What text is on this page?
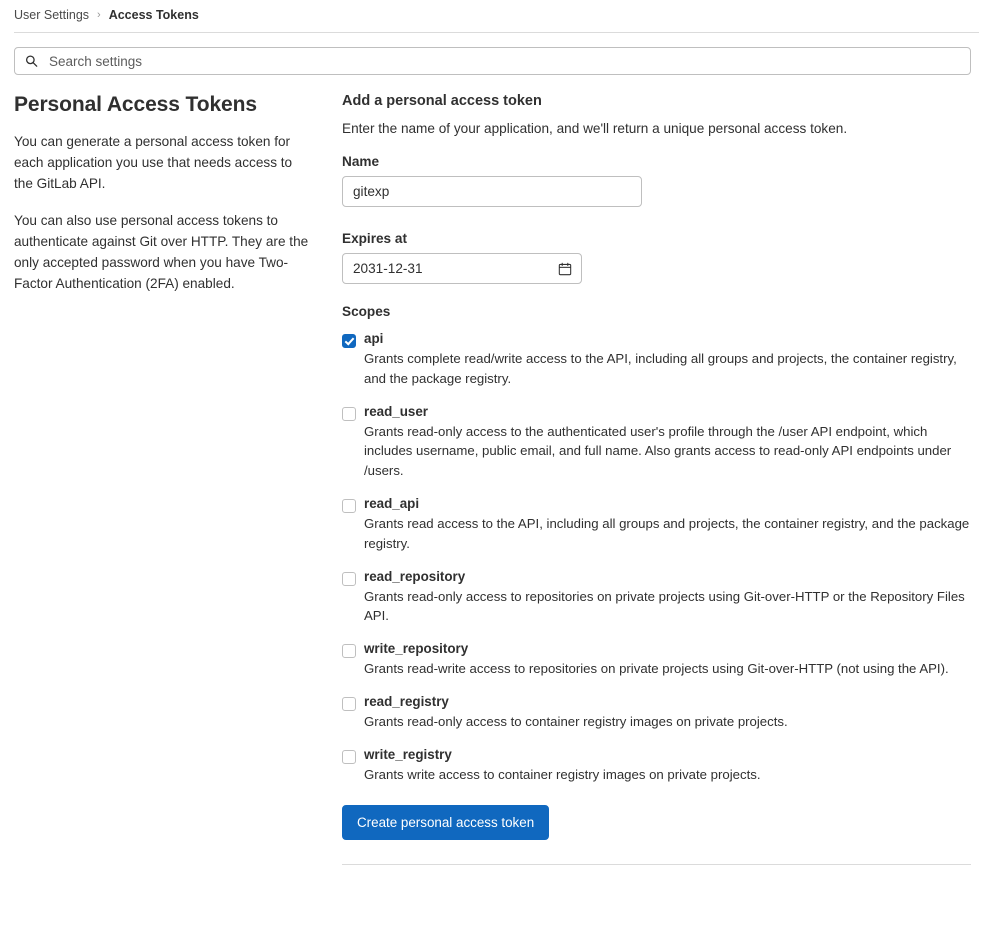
User Settings › Access Tokens
Search settings
Personal Access Tokens

You can generate a personal access token for each application you use that needs access to the GitLab API.

You can also use personal access tokens to authenticate against Git over HTTP. They are the only accepted password when you have Two-Factor Authentication (2FA) enabled.

Add a personal access token

Enter the name of your application, and we'll return a unique personal access token.

Name
gitexp
Expires at
2031-12-31
Scopes
api
Grants complete read/write access to the API, including all groups and projects, the container registry, and the package registry.
read_user
Grants read-only access to the authenticated user's profile through the /user API endpoint, which includes username, public email, and full name. Also grants access to read-only API endpoints under /users.
read_api
Grants read access to the API, including all groups and projects, the container registry, and the package registry.
read_repository
Grants read-only access to repositories on private projects using Git-over-HTTP or the Repository Files API.
write_repository
Grants read-write access to repositories on private projects using Git-over-HTTP (not using the API).
read_registry
Grants read-only access to container registry images on private projects.
write_registry
Grants write access to container registry images on private projects.
Create personal access token
